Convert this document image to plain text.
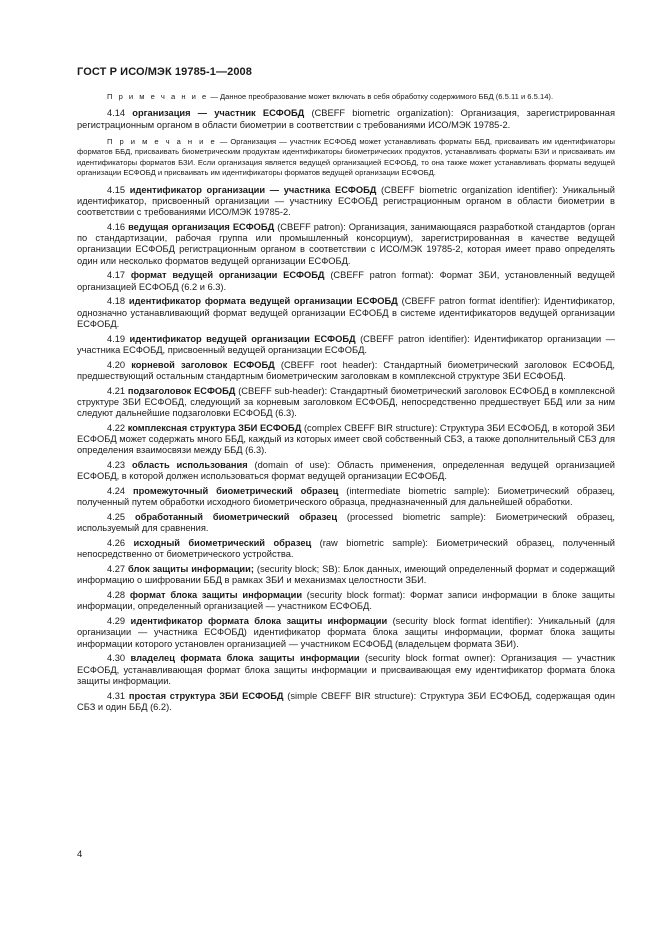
ГОСТ Р ИСО/МЭК 19785-1—2008

П р и м е ч а н и е — Данное преобразование может включать в себя обработку содержимого ББД (6.5.11 и 6.5.14).

4.14 организация — участник ЕСФОБД (CBEFF biometric organization): Организация, зарегистрированная регистрационным органом в области биометрии в соответствии с требованиями ИСО/МЭК 19785-2.

П р и м е ч а н и е — Организация — участник ЕСФОБД может устанавливать форматы ББД, присваивать им идентификаторы форматов ББД, присваивать биометрическим продуктам идентификаторы биометрических продуктов, устанавливать форматы БЗИ и присваивать им идентификаторы форматов БЗИ. Если организация является ведущей организацией ЕСФОБД, то она также может устанавливать форматы ведущей организации ЕСФОБД и присваивать им идентификаторы форматов ведущей организации ЕСФОБД.

4.15 идентификатор организации — участника ЕСФОБД (CBEFF biometric organization identifier): Уникальный идентификатор, присвоенный организации — участнику ЕСФОБД регистрационным органом в области биометрии в соответствии с требованиями ИСО/МЭК 19785-2.

4.16 ведущая организация ЕСФОБД (CBEFF patron): Организация, занимающаяся разработкой стандартов (орган по стандартизации, рабочая группа или промышленный консорциум), зарегистрированная в качестве ведущей организации ЕСФОБД регистрационным органом в соответствии с ИСО/МЭК 19785-2, которая имеет право определять один или несколько форматов ведущей организации ЕСФОБД.

4.17 формат ведущей организации ЕСФОБД (CBEFF patron format): Формат ЗБИ, установленный ведущей организацией ЕСФОБД (6.2 и 6.3).

4.18 идентификатор формата ведущей организации ЕСФОБД (CBEFF patron format identifier): Идентификатор, однозначно устанавливающий формат ведущей организации ЕСФОБД в системе идентификаторов ведущей организации ЕСФОБД.

4.19 идентификатор ведущей организации ЕСФОБД (CBEFF patron identifier): Идентификатор организации — участника ЕСФОБД, присвоенный ведущей организации ЕСФОБД.

4.20 корневой заголовок ЕСФОБД (CBEFF root header): Стандартный биометрический заголовок ЕСФОБД, предшествующий остальным стандартным биометрическим заголовкам в комплексной структуре ЗБИ ЕСФОБД.

4.21 подзаголовок ЕСФОБД (CBEFF sub-header): Стандартный биометрический заголовок ЕСФОБД в комплексной структуре ЗБИ ЕСФОБД, следующий за корневым заголовком ЕСФОБД, непосредственно предшествует ББД или за ним следуют дальнейшие подзаголовки ЕСФОБД (6.3).

4.22 комплексная структура ЗБИ ЕСФОБД (complex CBEFF BIR structure): Структура ЗБИ ЕСФОБД, в которой ЗБИ ЕСФОБД может содержать много ББД, каждый из которых имеет свой собственный СБЗ, а также дополнительный СБЗ для определения взаимосвязи между ББД (6.3).

4.23 область использования (domain of use): Область применения, определенная ведущей организацией ЕСФОБД, в которой должен использоваться формат ведущей организации ЕСФОБД.

4.24 промежуточный биометрический образец (intermediate biometric sample): Биометрический образец, полученный путем обработки исходного биометрического образца, предназначенный для дальнейшей обработки.

4.25 обработанный биометрический образец (processed biometric sample): Биометрический образец, используемый для сравнения.

4.26 исходный биометрический образец (raw biometric sample): Биометрический образец, полученный непосредственно от биометрического устройства.

4.27 блок защиты информации; (security block; SB): Блок данных, имеющий определенный формат и содержащий информацию о шифровании ББД в рамках ЗБИ и механизмах целостности ЗБИ.

4.28 формат блока защиты информации (security block format): Формат записи информации в блоке защиты информации, определенный организацией — участником ЕСФОБД.

4.29 идентификатор формата блока защиты информации (security block format identifier): Уникальный (для организации — участника ЕСФОБД) идентификатор формата блока защиты информации, формат блока защиты информации которого установлен организацией — участником ЕСФОБД (владельцем формата ЗБИ).

4.30 владелец формата блока защиты информации (security block format owner): Организация — участник ЕСФОБД, устанавливающая формат блока защиты информации и присваивающая ему идентификатор формата блока защиты информации.

4.31 простая структура ЗБИ ЕСФОБД (simple CBEFF BIR structure): Структура ЗБИ ЕСФОБД, содержащая один СБЗ и один ББД (6.2).

4
